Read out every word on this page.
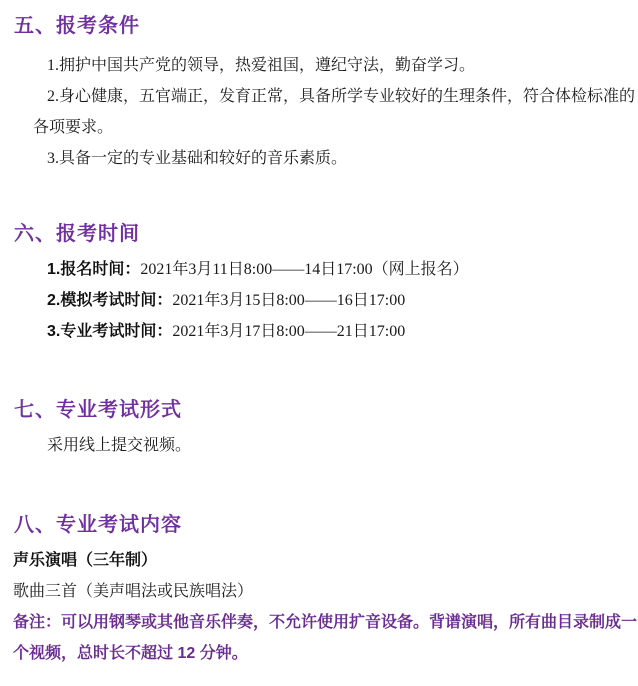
五、报考条件

1.拥护中国共产党的领导，热爱祖国，遵纪守法，勤奋学习。

2.身心健康，五官端正，发育正常，具备所学专业较好的生理条件，符合体检标准的各项要求。

3.具备一定的专业基础和较好的音乐素质。

六、报考时间

1.报名时间：2021年3月11日8:00——14日17:00（网上报名）

2.模拟考试时间：2021年3月15日8:00——16日17:00

3.专业考试时间：2021年3月17日8:00——21日17:00

七、专业考试形式

采用线上提交视频。

八、专业考试内容

声乐演唱（三年制）

歌曲三首（美声唱法或民族唱法）

备注：可以用钢琴或其他音乐伴奏，不允许使用扩音设备。背谱演唱，所有曲目录制成一个视频，总时长不超过 12 分钟。
